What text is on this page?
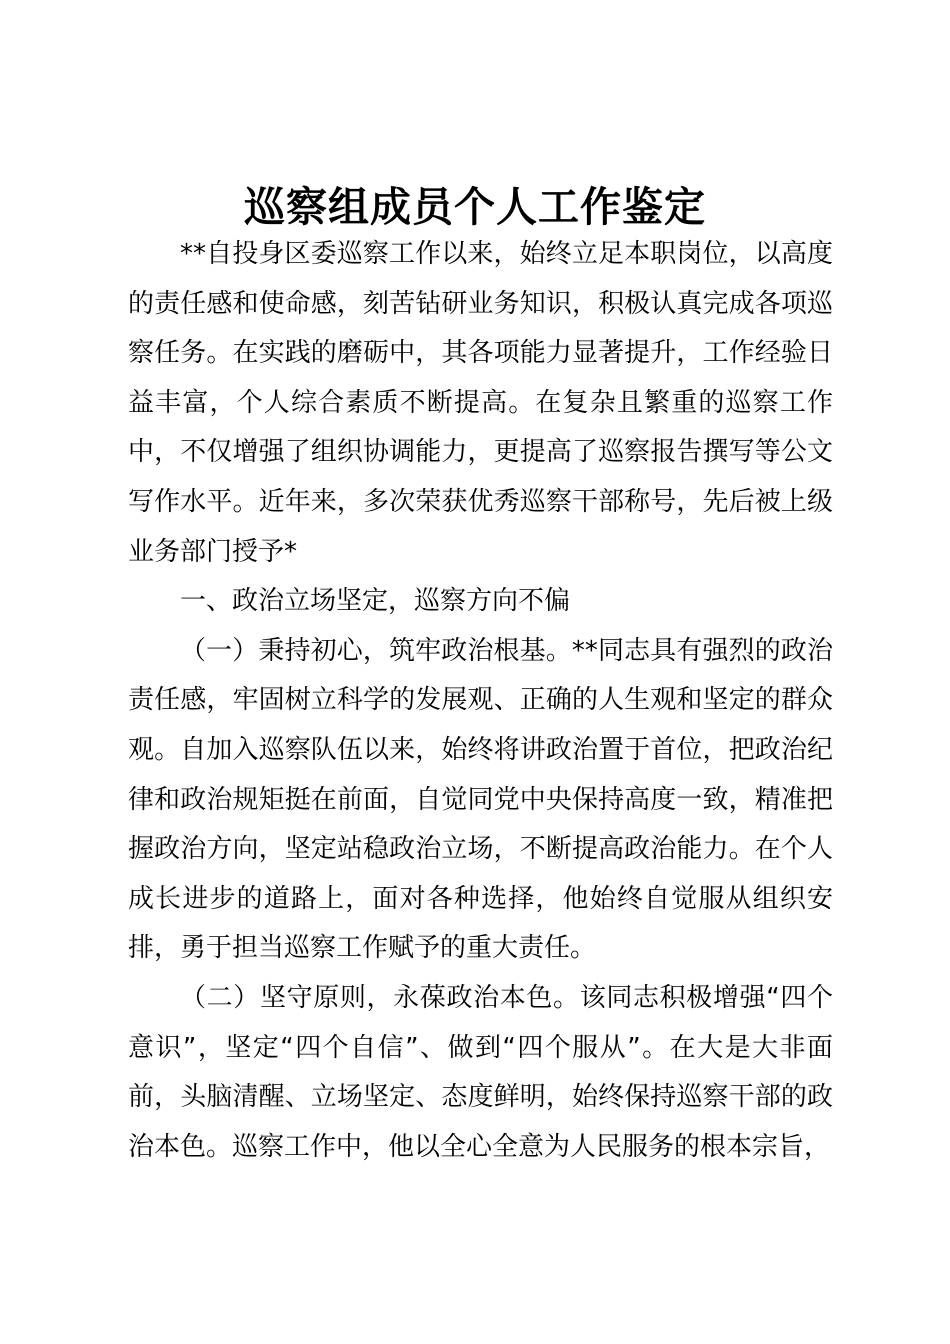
巡察组成员个人工作鉴定

**自投身区委巡察工作以来，始终立足本职岗位，以高度的责任感和使命感，刻苦钻研业务知识，积极认真完成各项巡察任务。在实践的磨砺中，其各项能力显著提升，工作经验日益丰富，个人综合素质不断提高。在复杂且繁重的巡察工作中，不仅增强了组织协调能力，更提高了巡察报告撰写等公文写作水平。近年来，多次荣获优秀巡察干部称号，先后被上级业务部门授予*

一、政治立场坚定，巡察方向不偏

（一）秉持初心，筑牢政治根基。**同志具有强烈的政治责任感，牢固树立科学的发展观、正确的人生观和坚定的群众观。自加入巡察队伍以来，始终将讲政治置于首位，把政治纪律和政治规矩挺在前面，自觉同党中央保持高度一致，精准把握政治方向，坚定站稳政治立场，不断提高政治能力。在个人成长进步的道路上，面对各种选择，他始终自觉服从组织安排，勇于担当巡察工作赋予的重大责任。

（二）坚守原则，永葆政治本色。该同志积极增强“四个意识”，坚定“四个自信”、做到“四个服从”。在大是大非面前，头脑清醒、立场坚定、态度鲜明，始终保持巡察干部的政治本色。巡察工作中，他以全心全意为人民服务的根本宗旨，
